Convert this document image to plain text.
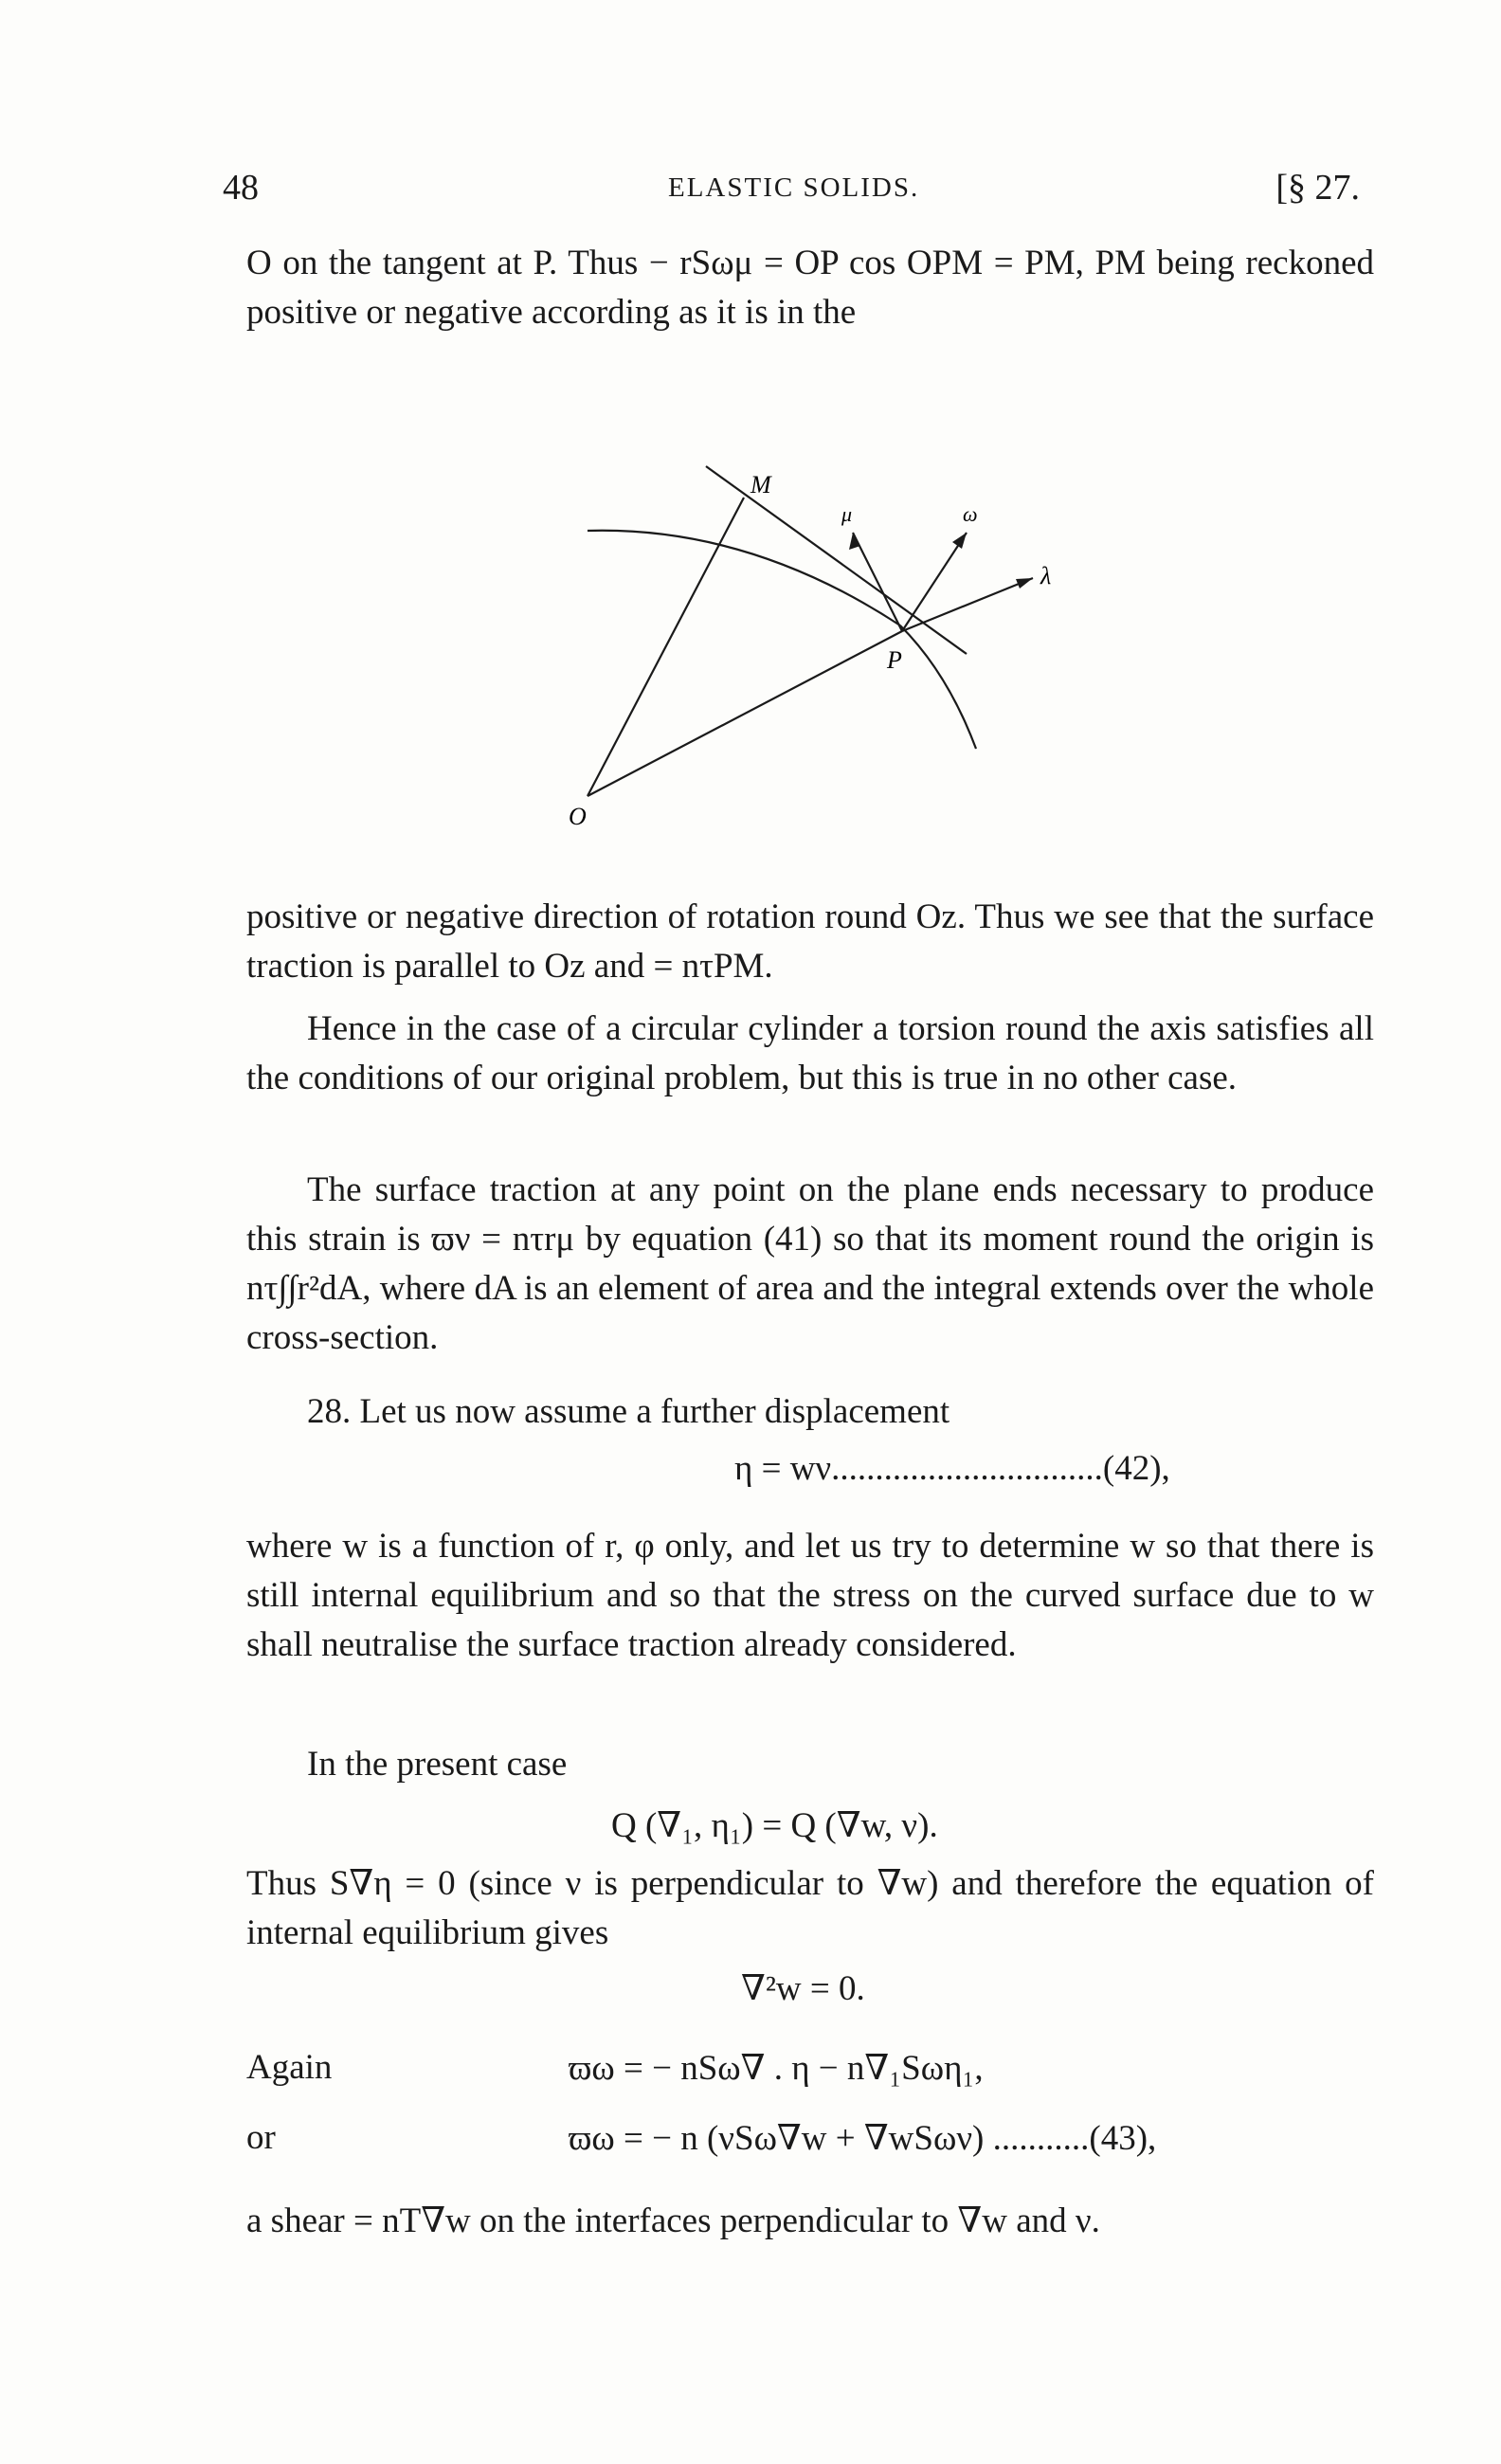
48	ELASTIC SOLIDS.	[§ 27.

O on the tangent at P. Thus − rSωμ = OP cos OPM = PM, PM being reckoned positive or negative according as it is in the

M
μ	ω
λ
P
O

positive or negative direction of rotation round Oz. Thus we see that the surface traction is parallel to Oz and = nτPM.

Hence in the case of a circular cylinder a torsion round the axis satisfies all the conditions of our original problem, but this is true in no other case.

The surface traction at any point on the plane ends necessary to produce this strain is ϖν = nτrμ by equation (41) so that its moment round the origin is nτ∫∫r²dA, where dA is an element of area and the integral extends over the whole cross-section.

28. Let us now assume a further displacement

η = wν...............................(42),

where w is a function of r, φ only, and let us try to determine w so that there is still internal equilibrium and so that the stress on the curved surface due to w shall neutralise the surface traction already considered.

In the present case

Q (∇₁, η₁) = Q (∇w, ν).

Thus S∇η = 0 (since ν is perpendicular to ∇w) and therefore the equation of internal equilibrium gives

∇²w = 0.
Again	ϖω = − nSω∇ . η − n∇₁Sωη₁,
or	ϖω = − n (νSω∇w + ∇wSων) ...........(43),

a shear = nT∇w on the interfaces perpendicular to ∇w and ν.
